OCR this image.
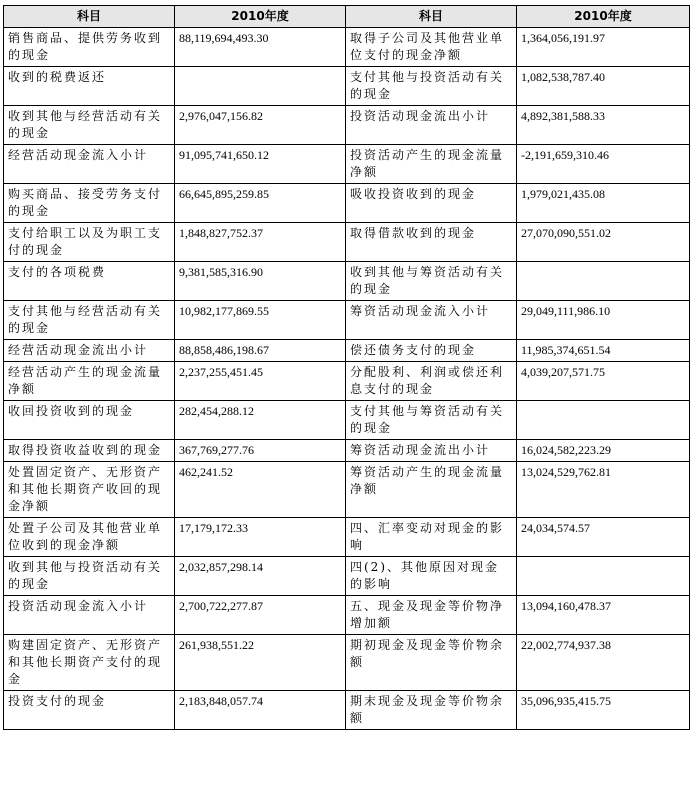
科目	2010年度	科目	2010年度
销售商品、提供劳务收到的现金	88,119,694,493.30	取得子公司及其他营业单位支付的现金净额	1,364,056,191.97
收到的税费返还		支付其他与投资活动有关的现金	1,082,538,787.40
收到其他与经营活动有关的现金	2,976,047,156.82	投资活动现金流出小计	4,892,381,588.33
经营活动现金流入小计	91,095,741,650.12	投资活动产生的现金流量净额	-2,191,659,310.46
购买商品、接受劳务支付的现金	66,645,895,259.85	吸收投资收到的现金	1,979,021,435.08
支付给职工以及为职工支付的现金	1,848,827,752.37	取得借款收到的现金	27,070,090,551.02
支付的各项税费	9,381,585,316.90	收到其他与筹资活动有关的现金	
支付其他与经营活动有关的现金	10,982,177,869.55	筹资活动现金流入小计	29,049,111,986.10
经营活动现金流出小计	88,858,486,198.67	偿还债务支付的现金	11,985,374,651.54
经营活动产生的现金流量净额	2,237,255,451.45	分配股利、利润或偿还利息支付的现金	4,039,207,571.75
收回投资收到的现金	282,454,288.12	支付其他与筹资活动有关的现金	
取得投资收益收到的现金	367,769,277.76	筹资活动现金流出小计	16,024,582,223.29
处置固定资产、无形资产和其他长期资产收回的现金净额	462,241.52	筹资活动产生的现金流量净额	13,024,529,762.81
处置子公司及其他营业单位收到的现金净额	17,179,172.33	四、汇率变动对现金的影响	24,034,574.57
收到其他与投资活动有关的现金	2,032,857,298.14	四(2)、其他原因对现金的影响	
投资活动现金流入小计	2,700,722,277.87	五、现金及现金等价物净增加额	13,094,160,478.37
购建固定资产、无形资产和其他长期资产支付的现金	261,938,551.22	期初现金及现金等价物余额	22,002,774,937.38
投资支付的现金	2,183,848,057.74	期末现金及现金等价物余额	35,096,935,415.75
